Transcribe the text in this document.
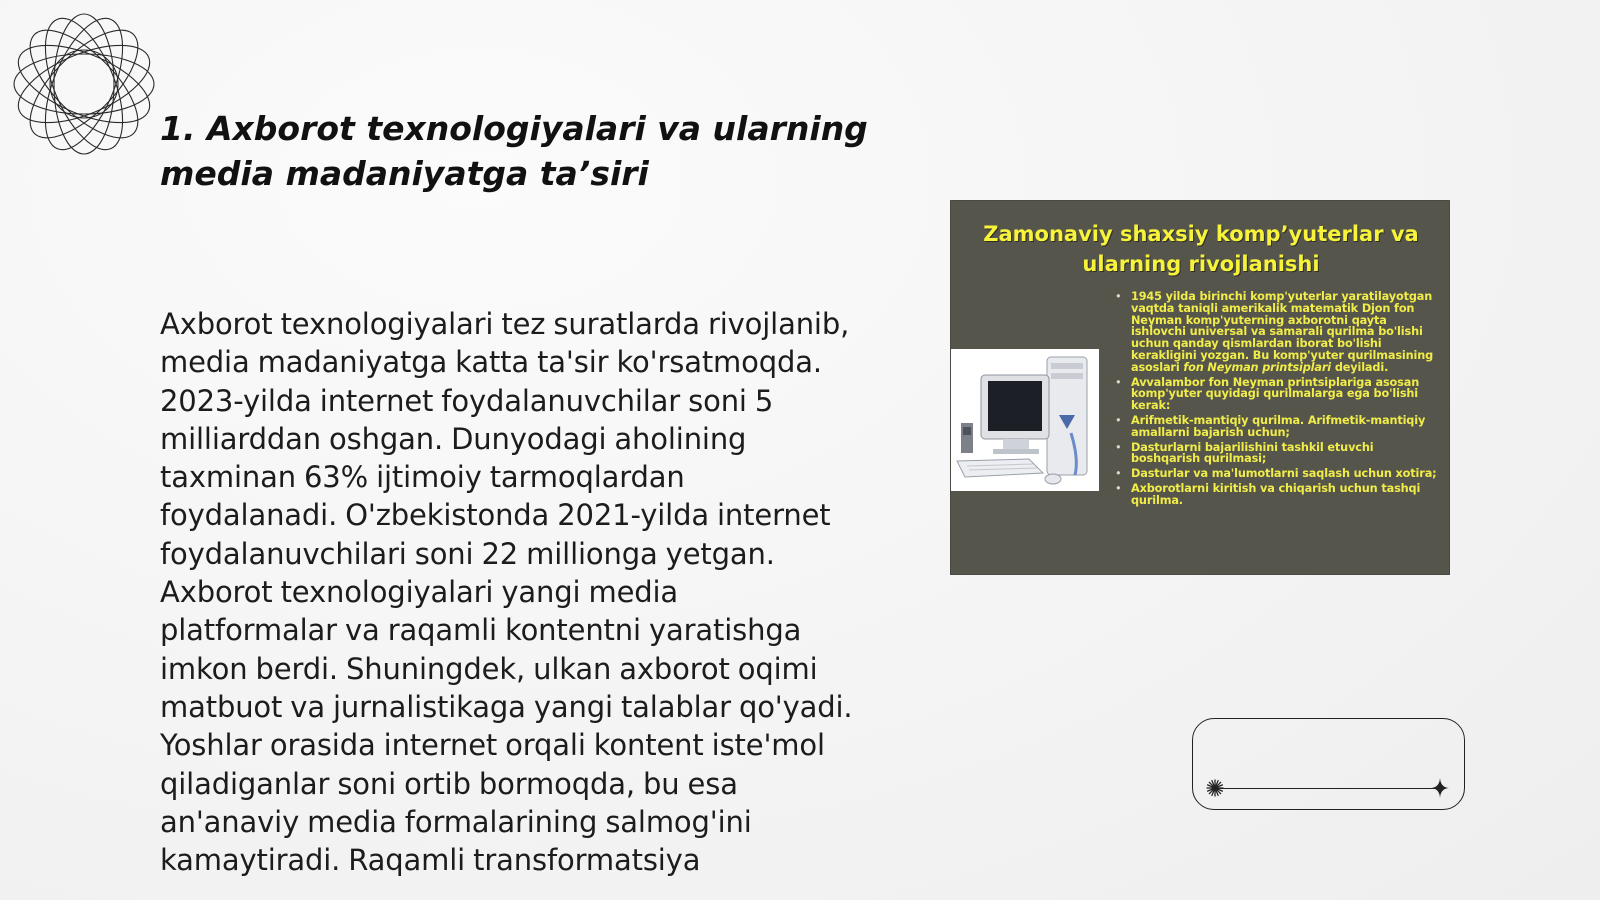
1. Axborot texnologiyalari va ularning media madaniyatga ta’siri

Axborot texnologiyalari tez suratlarda rivojlanib, media madaniyatga katta ta'sir ko'rsatmoqda. 2023-yilda internet foydalanuvchilar soni 5 milliarddan oshgan. Dunyodagi aholining taxminan 63% ijtimoiy tarmoqlardan foydalanadi. O'zbekistonda 2021-yilda internet foydalanuvchilari soni 22 millionga yetgan. Axborot texnologiyalari yangi media platformalar va raqamli kontentni yaratishga imkon berdi. Shuningdek, ulkan axborot oqimi matbuot va jurnalistikaga yangi talablar qo'yadi. Yoshlar orasida internet orqali kontent iste'mol qiladiganlar soni ortib bormoqda, bu esa an'anaviy media formalarining salmog'ini kamaytiradi. Raqamli transformatsiya

Zamonaviy shaxsiy komp’yuterlar va ularning rivojlanishi
• 1945 yilda birinchi komp'yuterlar yaratilayotgan vaqtda taniqli amerikalik matematik Djon fon Neyman komp'yuterning axborotni qayta ishlovchi universal va samarali qurilma bo'lishi uchun qanday qismlardan iborat bo'lishi kerakligini yozgan. Bu komp'yuter qurilmasining asoslari fon Neyman printsiplari deyiladi.
• Avvalambor fon Neyman printsiplariga asosan komp'yuter quyidagi qurilmalarga ega bo'lishi kerak:
• Arifmetik-mantiqiy qurilma. Arifmetik-mantiqiy amallarni bajarish uchun;
• Dasturlarni bajarilishini tashkil etuvchi boshqarish qurilmasi;
• Dasturlar va ma'lumotlarni saqlash uchun xotira;
• Axborotlarni kiritish va chiqarish uchun tashqi qurilma.
